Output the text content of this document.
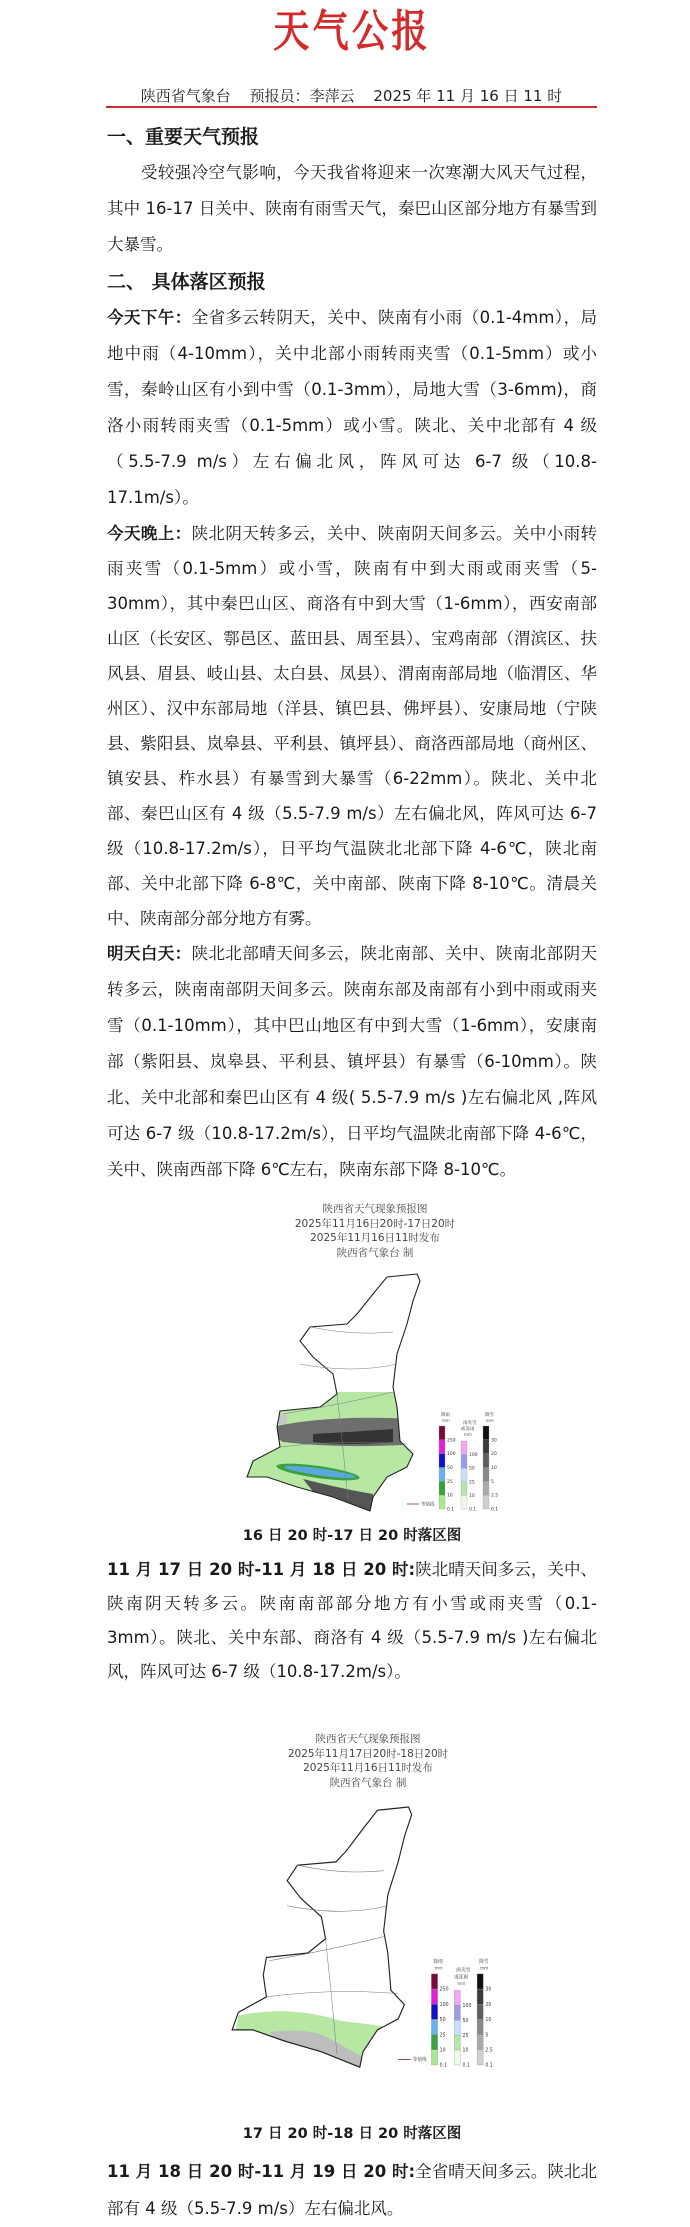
天气公报
陕西省气象台 预报员：李萍云 2025 年 11 月 16 日 11 时
一、重要天气预报
受较强冷空气影响，今天我省将迎来一次寒潮大风天气过程，其中 16-17 日关中、陕南有雨雪天气，秦巴山区部分地方有暴雪到大暴雪。
二、 具体落区预报
今天下午：全省多云转阴天，关中、陕南有小雨（0.1-4mm），局地中雨（4-10mm），关中北部小雨转雨夹雪（0.1-5mm）或小雪，秦岭山区有小到中雪（0.1-3mm），局地大雪（3-6mm)，商洛小雨转雨夹雪（0.1-5mm）或小雪。陕北、关中北部有 4 级（5.5-7.9 m/s）左右偏北风，阵风可达 6-7 级（10.8-17.1m/s）。
今天晚上：陕北阴天转多云，关中、陕南阴天间多云。关中小雨转雨夹雪（0.1-5mm）或小雪，陕南有中到大雨或雨夹雪（5-30mm），其中秦巴山区、商洛有中到大雪（1-6mm），西安南部山区（长安区、鄠邑区、蓝田县、周至县）、宝鸡南部（渭滨区、扶风县、眉县、岐山县、太白县、凤县）、渭南南部局地（临渭区、华州区）、汉中东部局地（洋县、镇巴县、佛坪县）、安康局地（宁陕县、紫阳县、岚皋县、平利县、镇坪县）、商洛西部局地（商州区、镇安县、柞水县）有暴雪到大暴雪（6-22mm）。陕北、关中北部、秦巴山区有 4 级（5.5-7.9 m/s）左右偏北风，阵风可达 6-7 级（10.8-17.2m/s），日平均气温陕北北部下降 4-6℃，陕北南部、关中北部下降 6-8℃，关中南部、陕南下降 8-10℃。清晨关中、陕南部分部分地方有雾。
明天白天：陕北北部晴天间多云，陕北南部、关中、陕南北部阴天转多云，陕南南部阴天间多云。陕南东部及南部有小到中雨或雨夹雪（0.1-10mm），其中巴山地区有中到大雪（1-6mm），安康南部（紫阳县、岚皋县、平利县、镇坪县）有暴雪（6-10mm）。陕北、关中北部和秦巴山区有 4 级( 5.5-7.9 m/s )左右偏北风 ,阵风可达 6-7 级（10.8-17.2m/s），日平均气温陕北南部下降 4-6℃，关中、陕南西部下降 6℃左右，陕南东部下降 8-10℃。
陕西省天气现象预报图
2025年11月16日20时-17日20时
2025年11月16日11时发布
陕西省气象台 制
降雨
mm
250
100
50
25
10
0.1
雨夹雪
或冻雨
mm
100
50
25
10
0.1
降雪
mm
30
20
10
5
2.5
0.1
等值线
16 日 20 时-17 日 20 时落区图
11 月 17 日 20 时-11 月 18 日 20 时:陕北晴天间多云，关中、陕南阴天转多云。陕南南部部分地方有小雪或雨夹雪（0.1-3mm）。陕北、关中东部、商洛有 4 级（5.5-7.9 m/s )左右偏北风，阵风可达 6-7 级（10.8-17.2m/s）。
陕西省天气现象预报图
2025年11月17日20时-18日20时
2025年11月16日11时发布
陕西省气象台 制
降雨
mm
250
100
50
25
10
0.1
雨夹雪
或冻雨
mm
100
50
25
10
0.1
降雪
mm
30
20
10
5
2.5
0.1
等值线
17 日 20 时-18 日 20 时落区图
11 月 18 日 20 时-11 月 19 日 20 时:全省晴天间多云。陕北北部有 4 级（5.5-7.9 m/s）左右偏北风。
